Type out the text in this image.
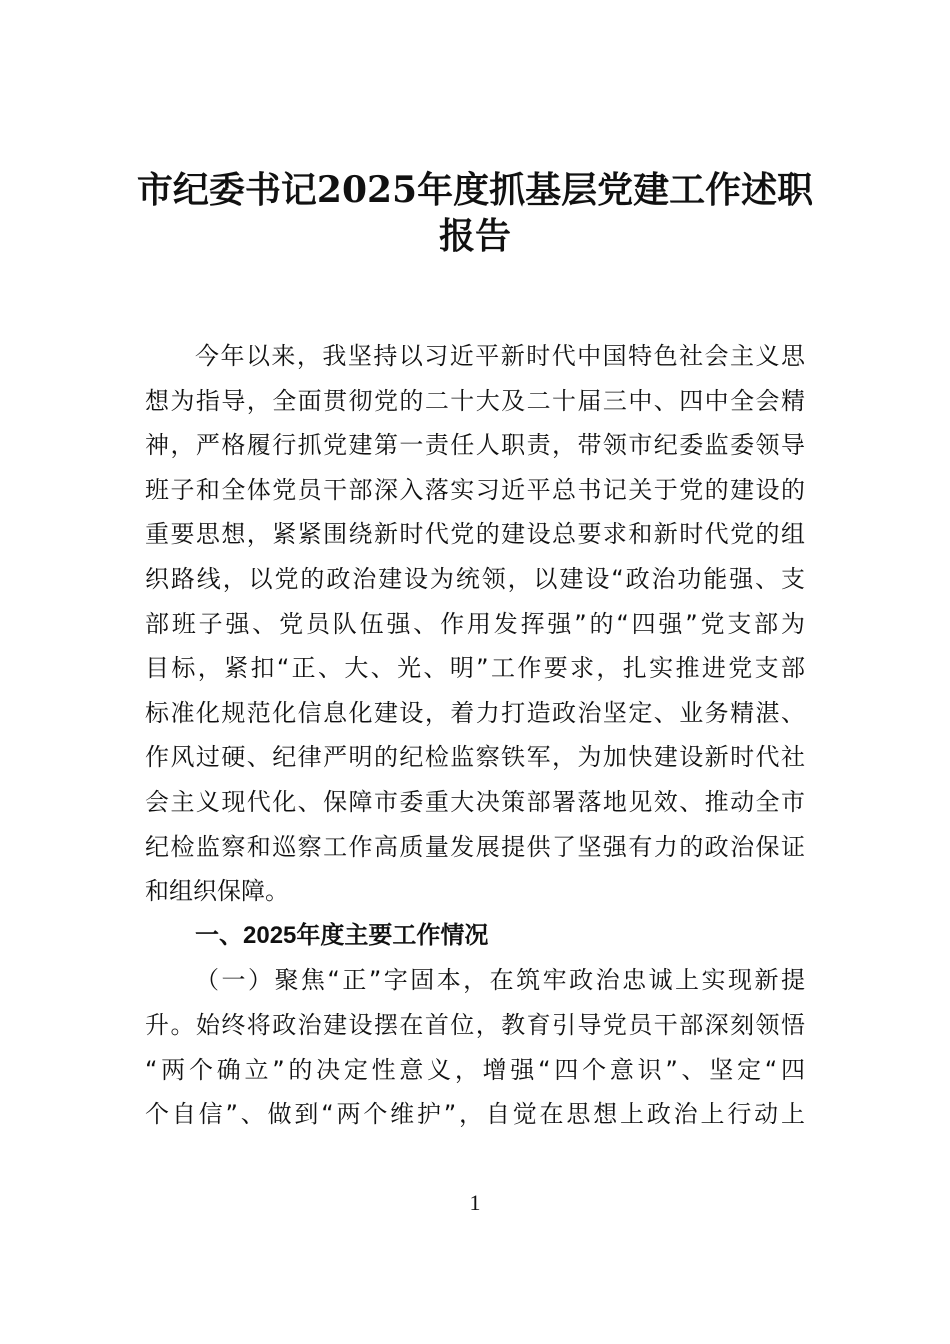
市纪委书记2025年度抓基层党建工作述职
报告
今年以来，我坚持以习近平新时代中国特色社会主义思
想为指导，全面贯彻党的二十大及二十届三中、四中全会精
神，严格履行抓党建第一责任人职责，带领市纪委监委领导
班子和全体党员干部深入落实习近平总书记关于党的建设的
重要思想，紧紧围绕新时代党的建设总要求和新时代党的组
织路线，以党的政治建设为统领，以建设“政治功能强、支
部班子强、党员队伍强、作用发挥强”的“四强”党支部为
目标，紧扣“正、大、光、明”工作要求，扎实推进党支部
标准化规范化信息化建设，着力打造政治坚定、业务精湛、
作风过硬、纪律严明的纪检监察铁军，为加快建设新时代社
会主义现代化、保障市委重大决策部署落地见效、推动全市
纪检监察和巡察工作高质量发展提供了坚强有力的政治保证
和组织保障。
一、2025年度主要工作情况
（一）聚焦“正”字固本，在筑牢政治忠诚上实现新提
升。始终将政治建设摆在首位，教育引导党员干部深刻领悟
“两个确立”的决定性意义，增强“四个意识”、坚定“四
个自信”、做到“两个维护”，自觉在思想上政治上行动上
1
